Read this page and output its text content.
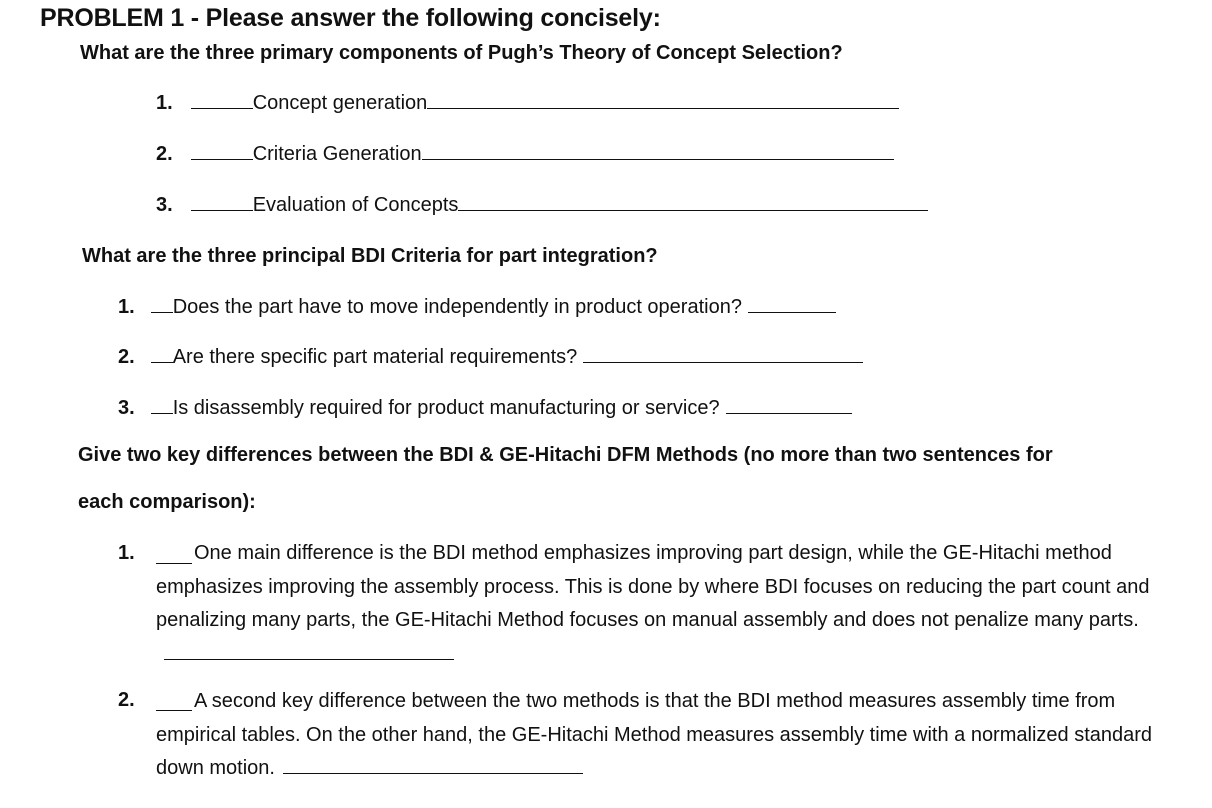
PROBLEM 1 - Please answer the following concisely:
What are the three primary components of Pugh’s Theory of Concept Selection?
1.	Concept generation
2.	Criteria Generation
3.	Evaluation of Concepts
What are the three principal BDI Criteria for part integration?
1. Does the part have to move independently in product operation?
2. Are there specific part material requirements?
3. Is disassembly required for product manufacturing or service?
Give two key differences between the BDI & GE-Hitachi DFM Methods (no more than two sentences for
each comparison):
1.	One main difference is the BDI method emphasizes improving part design, while the GE-Hitachi method emphasizes improving the assembly process. This is done by where BDI focuses on reducing the part count and penalizing many parts, the GE-Hitachi Method focuses on manual assembly and does not penalize many parts.
2.	A second key difference between the two methods is that the BDI method measures assembly time from empirical tables. On the other hand, the GE-Hitachi Method measures assembly time with a normalized standard down motion.
